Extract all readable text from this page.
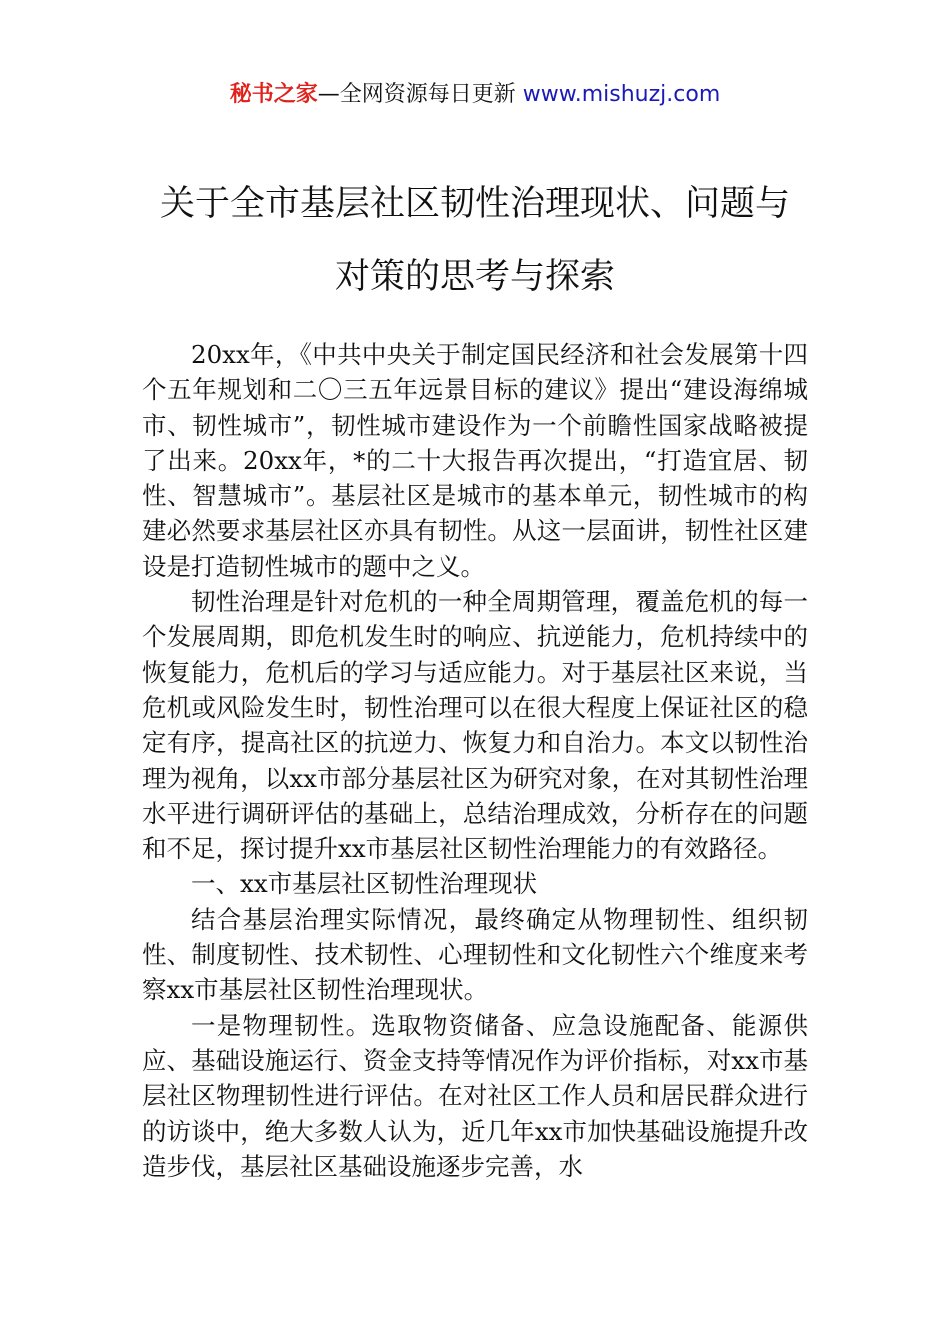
秘书之家—全网资源每日更新 www.mishuzj.com
关于全市基层社区韧性治理现状、问题与
对策的思考与探索

20xx年，《中共中央关于制定国民经济和社会发展第十四个五年规划和二〇三五年远景目标的建议》提出“建设海绵城市、韧性城市”，韧性城市建设作为一个前瞻性国家战略被提了出来。20xx年，*的二十大报告再次提出，“打造宜居、韧性、智慧城市”。基层社区是城市的基本单元，韧性城市的构建必然要求基层社区亦具有韧性。从这一层面讲，韧性社区建设是打造韧性城市的题中之义。

韧性治理是针对危机的一种全周期管理，覆盖危机的每一个发展周期，即危机发生时的响应、抗逆能力，危机持续中的恢复能力，危机后的学习与适应能力。对于基层社区来说，当危机或风险发生时，韧性治理可以在很大程度上保证社区的稳定有序，提高社区的抗逆力、恢复力和自治力。本文以韧性治理为视角，以xx市部分基层社区为研究对象，在对其韧性治理水平进行调研评估的基础上，总结治理成效，分析存在的问题和不足，探讨提升xx市基层社区韧性治理能力的有效路径。

一、xx市基层社区韧性治理现状

结合基层治理实际情况，最终确定从物理韧性、组织韧性、制度韧性、技术韧性、心理韧性和文化韧性六个维度来考察xx市基层社区韧性治理现状。

一是物理韧性。选取物资储备、应急设施配备、能源供应、基础设施运行、资金支持等情况作为评价指标，对xx市基层社区物理韧性进行评估。在对社区工作人员和居民群众进行的访谈中，绝大多数人认为，近几年xx市加快基础设施提升改造步伐，基层社区基础设施逐步完善，水
